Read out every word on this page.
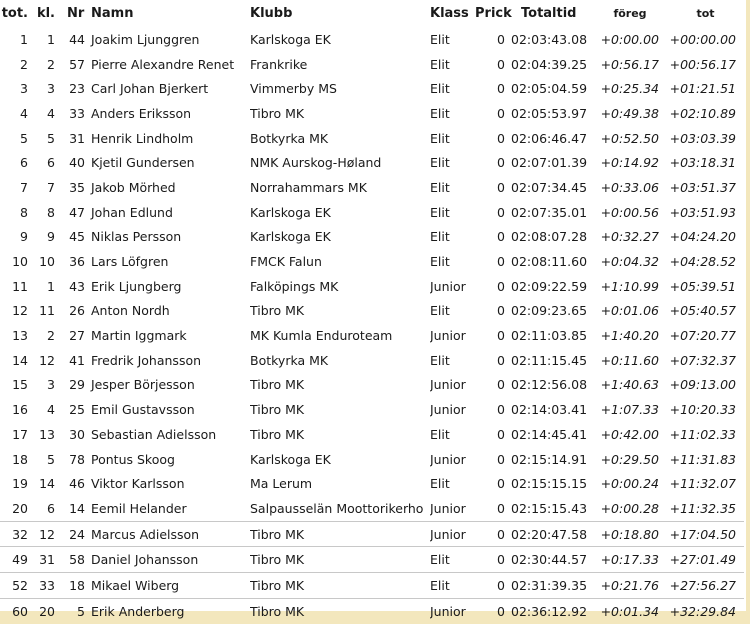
tot.	kl.	Nr	Namn	Klubb	Klass	Prick	Totaltid	föreg	tot
1	1	44	Joakim Ljunggren	Karlskoga EK	Elit	0	02:03:43.08	+0:00.00	+00:00.00
2	2	57	Pierre Alexandre Renet	Frankrike	Elit	0	02:04:39.25	+0:56.17	+00:56.17
3	3	23	Carl Johan Bjerkert	Vimmerby MS	Elit	0	02:05:04.59	+0:25.34	+01:21.51
4	4	33	Anders Eriksson	Tibro MK	Elit	0	02:05:53.97	+0:49.38	+02:10.89
5	5	31	Henrik Lindholm	Botkyrka MK	Elit	0	02:06:46.47	+0:52.50	+03:03.39
6	6	40	Kjetil Gundersen	NMK Aurskog-Høland	Elit	0	02:07:01.39	+0:14.92	+03:18.31
7	7	35	Jakob Mörhed	Norrahammars MK	Elit	0	02:07:34.45	+0:33.06	+03:51.37
8	8	47	Johan Edlund	Karlskoga EK	Elit	0	02:07:35.01	+0:00.56	+03:51.93
9	9	45	Niklas Persson	Karlskoga EK	Elit	0	02:08:07.28	+0:32.27	+04:24.20
10	10	36	Lars Löfgren	FMCK Falun	Elit	0	02:08:11.60	+0:04.32	+04:28.52
11	1	43	Erik Ljungberg	Falköpings MK	Junior	0	02:09:22.59	+1:10.99	+05:39.51
12	11	26	Anton Nordh	Tibro MK	Elit	0	02:09:23.65	+0:01.06	+05:40.57
13	2	27	Martin Iggmark	MK Kumla Enduroteam	Junior	0	02:11:03.85	+1:40.20	+07:20.77
14	12	41	Fredrik Johansson	Botkyrka MK	Elit	0	02:11:15.45	+0:11.60	+07:32.37
15	3	29	Jesper Börjesson	Tibro MK	Junior	0	02:12:56.08	+1:40.63	+09:13.00
16	4	25	Emil Gustavsson	Tibro MK	Junior	0	02:14:03.41	+1:07.33	+10:20.33
17	13	30	Sebastian Adielsson	Tibro MK	Elit	0	02:14:45.41	+0:42.00	+11:02.33
18	5	78	Pontus Skoog	Karlskoga EK	Junior	0	02:15:14.91	+0:29.50	+11:31.83
19	14	46	Viktor Karlsson	Ma Lerum	Elit	0	02:15:15.15	+0:00.24	+11:32.07
20	6	14	Eemil Helander	Salpausselän Moottorikerho	Junior	0	02:15:15.43	+0:00.28	+11:32.35
32	12	24	Marcus Adielsson	Tibro MK	Junior	0	02:20:47.58	+0:18.80	+17:04.50
49	31	58	Daniel Johansson	Tibro MK	Elit	0	02:30:44.57	+0:17.33	+27:01.49
52	33	18	Mikael Wiberg	Tibro MK	Elit	0	02:31:39.35	+0:21.76	+27:56.27
60	20	5	Erik Anderberg	Tibro MK	Junior	0	02:36:12.92	+0:01.34	+32:29.84
